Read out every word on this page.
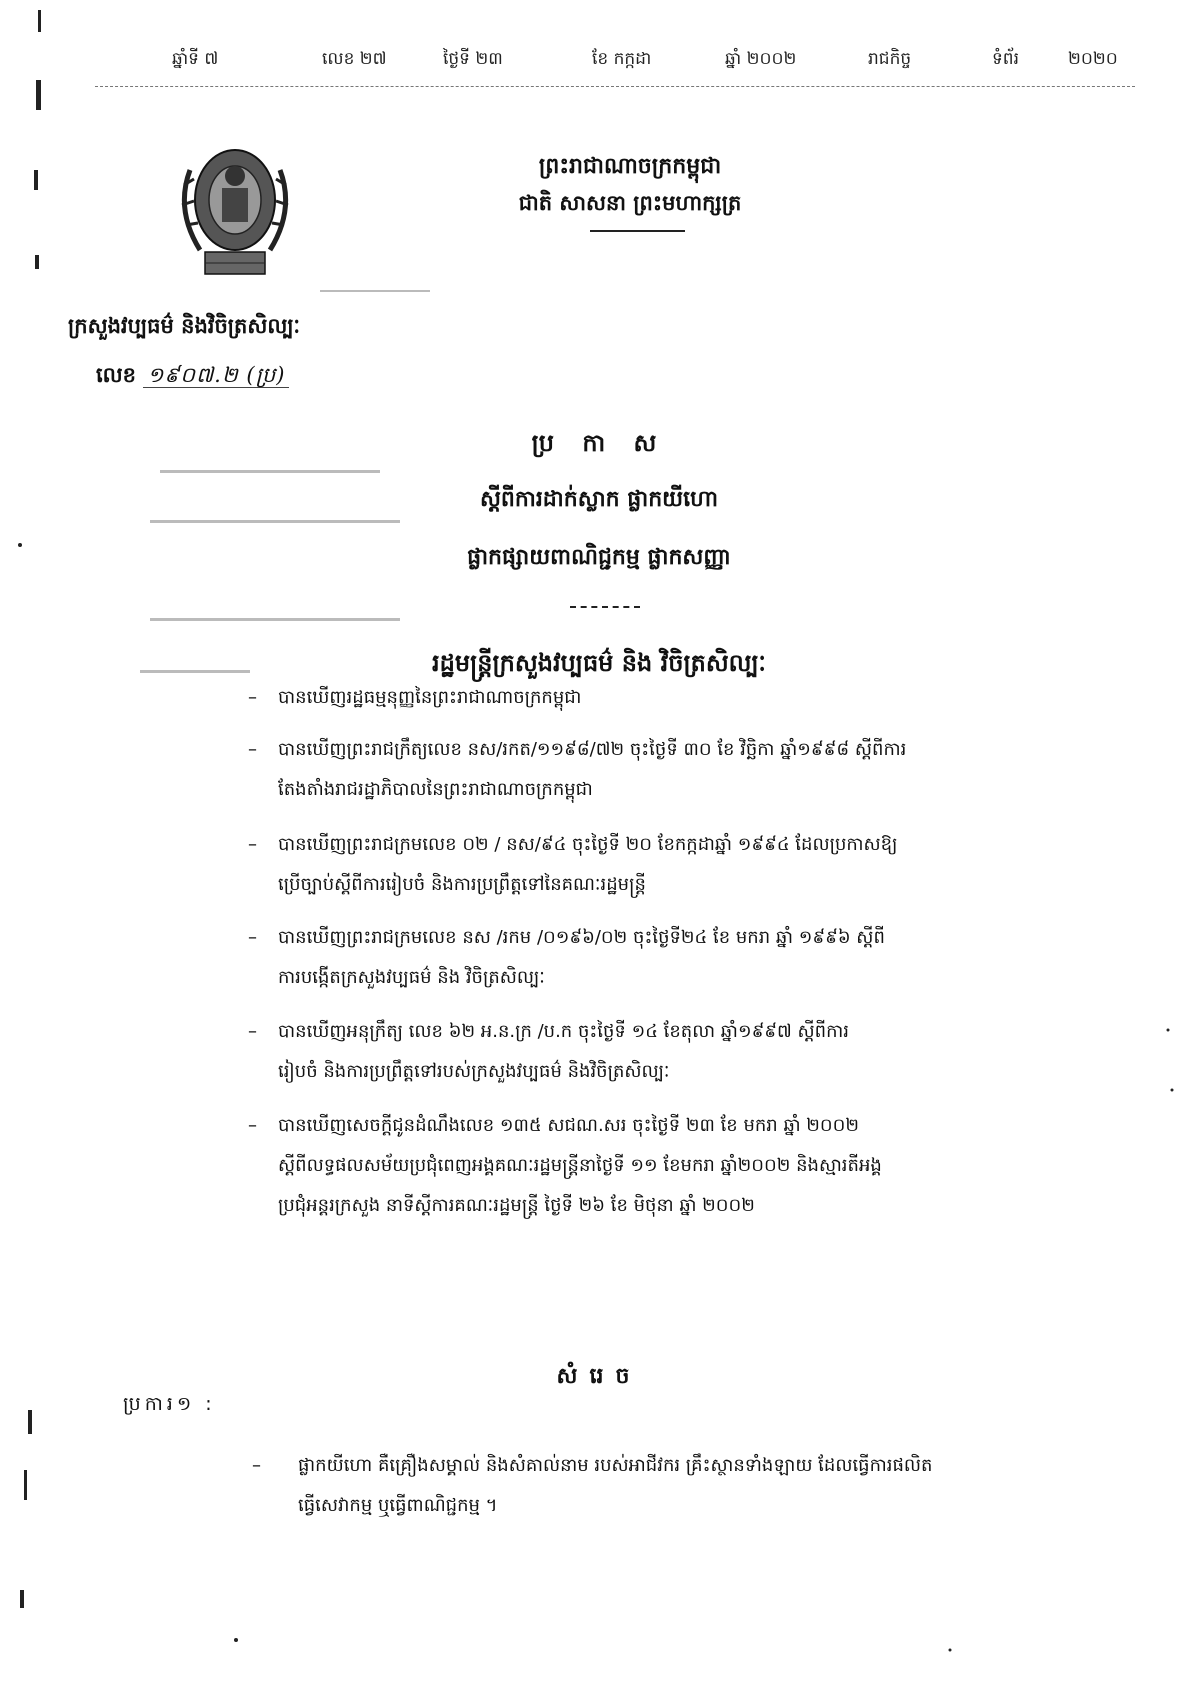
ឆ្នាំទី ៧	លេខ ២៧	ថ្ងៃទី ២៣	ខែ កក្កដា	ឆ្នាំ ២០០២	រាជកិច្ច	ទំព័រ	២០២០
ព្រះរាជាណាចក្រកម្ពុជា
ជាតិ សាសនា ព្រះមហាក្សត្រ
ក្រសួងវប្បធម៌ និងវិចិត្រសិល្បៈ
លេខ ១៩០៧.២ (ប្រ)
ប្រ កា ស
ស្តីពីការដាក់ស្លាក ផ្លាកយីហោ
ផ្លាកផ្សាយពាណិជ្ជកម្ម ផ្លាកសញ្ញា
រដ្ឋមន្ត្រីក្រសួងវប្បធម៌ និង វិចិត្រសិល្បៈ
– បានឃើញរដ្ឋធម្មនុញ្ញនៃព្រះរាជាណាចក្រកម្ពុជា
– បានឃើញព្រះរាជក្រឹត្យលេខ នស/រកត/១១៩៨/៧២ ចុះថ្ងៃទី ៣០ ខែ វិច្ឆិកា ឆ្នាំ១៩៩៨ ស្តីពីការ
តែងតាំងរាជរដ្ឋាភិបាលនៃព្រះរាជាណាចក្រកម្ពុជា
– បានឃើញព្រះរាជក្រមលេខ ០២ / នស/៩៤ ចុះថ្ងៃទី ២០ ខែកក្កដាឆ្នាំ ១៩៩៤ ដែលប្រកាសឱ្យ
ប្រើច្បាប់ស្តីពីការរៀបចំ និងការប្រព្រឹត្តទៅនៃគណៈរដ្ឋមន្ត្រី
– បានឃើញព្រះរាជក្រមលេខ នស /រកម /០១៩៦/០២ ចុះថ្ងៃទី២៤ ខែ មករា ឆ្នាំ ១៩៩៦ ស្តីពី
ការបង្កើតក្រសួងវប្បធម៌ និង វិចិត្រសិល្បៈ
– បានឃើញអនុក្រឹត្យ លេខ ៦២ អ.ន.ក្រ /ប.ក ចុះថ្ងៃទី ១៤ ខែតុលា ឆ្នាំ១៩៩៧ ស្តីពីការ
រៀបចំ និងការប្រព្រឹត្តទៅរបស់ក្រសួងវប្បធម៌ និងវិចិត្រសិល្បៈ
– បានឃើញសេចក្តីជូនដំណឹងលេខ ១៣៥ សជណ.សរ ចុះថ្ងៃទី ២៣ ខែ មករា ឆ្នាំ ២០០២
ស្តីពីលទ្ធផលសម័យប្រជុំពេញអង្គគណៈរដ្ឋមន្ត្រីនាថ្ងៃទី ១១ ខែមករា ឆ្នាំ២០០២ និងស្មារតីអង្គ
ប្រជុំអន្តរក្រសួង នាទីស្តីការគណៈរដ្ឋមន្ត្រី ថ្ងៃទី ២៦ ខែ មិថុនា ឆ្នាំ ២០០២
សំរេច
ប្រការ១ :
– ផ្លាកយីហោ គឺគ្រឿងសម្គាល់ និងសំគាល់នាម របស់អាជីវករ គ្រឹះស្ថានទាំងឡាយ ដែលធ្វើការផលិត
ធ្វើសេវាកម្ម ឬធ្វើពាណិជ្ជកម្ម ។
